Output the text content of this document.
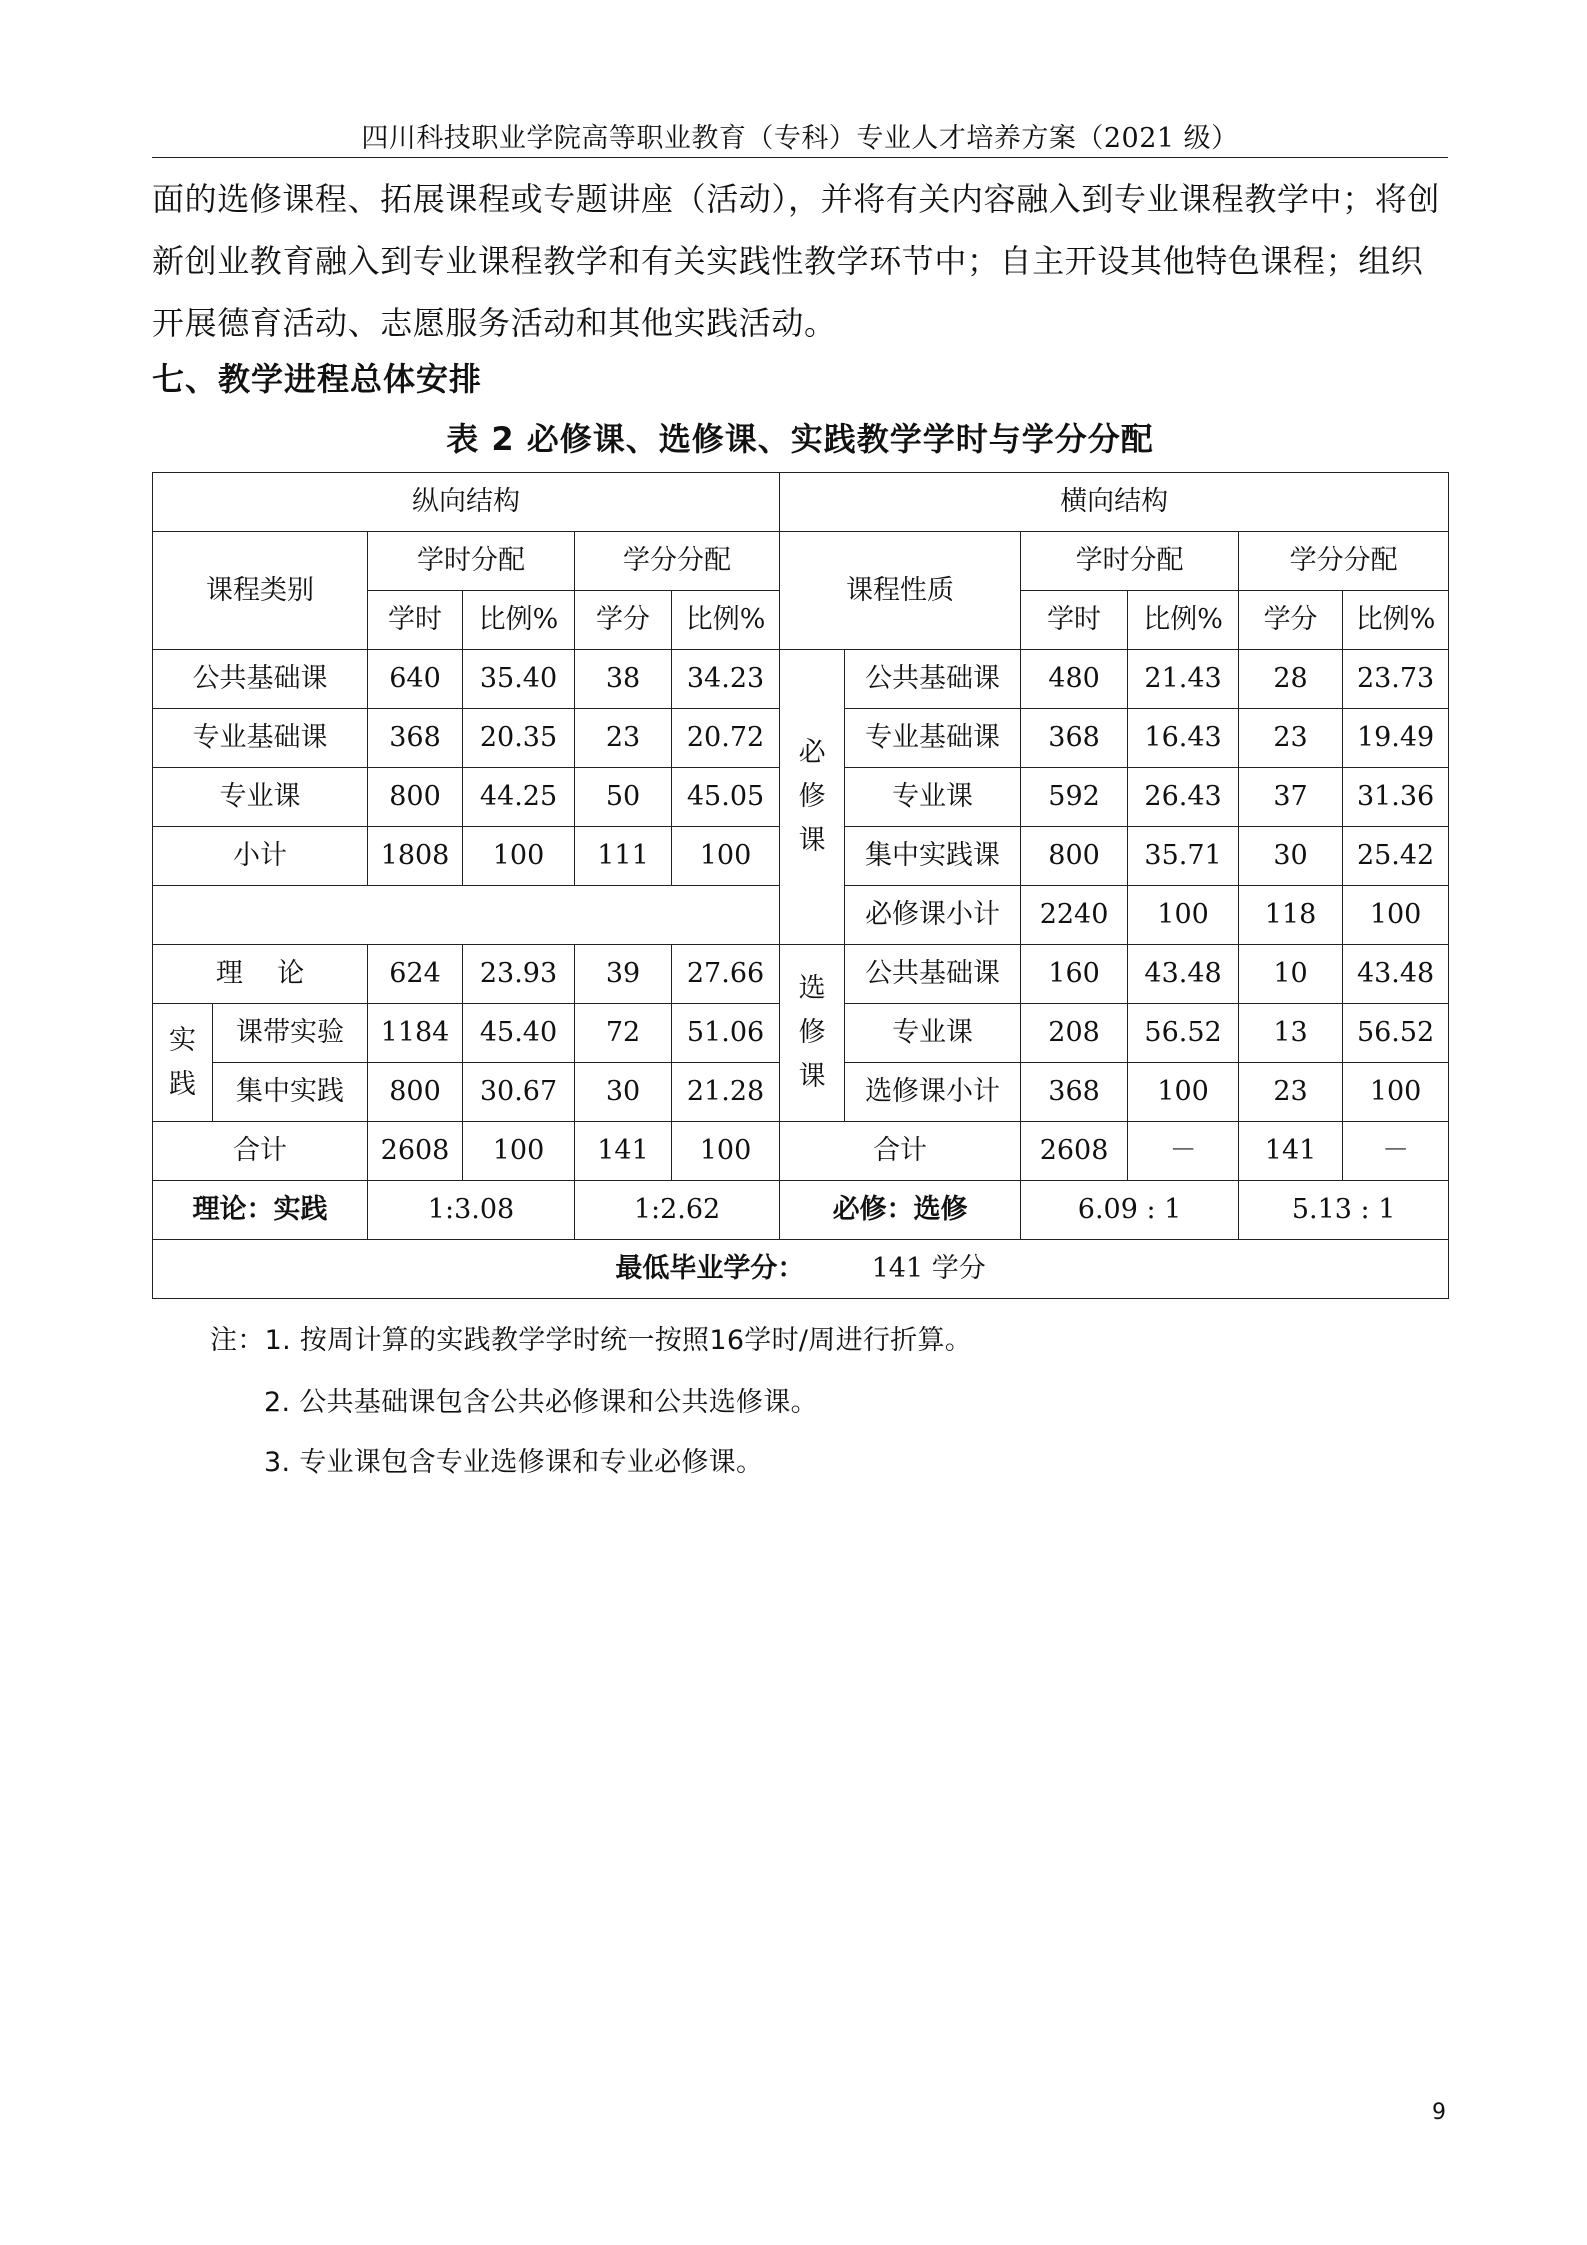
四川科技职业学院高等职业教育（专科）专业人才培养方案（2021 级）

面的选修课程、拓展课程或专题讲座（活动），并将有关内容融入到专业课程教学中；将创新创业教育融入到专业课程教学和有关实践性教学环节中；自主开设其他特色课程；组织开展德育活动、志愿服务活动和其他实践活动。

七、教学进程总体安排
表 2 必修课、选修课、实践教学学时与学分分配
纵向结构						横向结构					
课程类别		学时分配		学分分配		课程性质		学时分配		学分分配	
		学时	比例%	学分	比例%			学时	比例%	学分	比例%
公共基础课		640	35.40	38	34.23	必修课	公共基础课	480	21.43	28	23.73
专业基础课		368	20.35	23	20.72		专业基础课	368	16.43	23	19.49
专业课		800	44.25	50	45.05		专业课	592	26.43	37	31.36
小计		1808	100	111	100		集中实践课	800	35.71	30	25.42
							必修课小计	2240	100	118	100
理    论		624	23.93	39	27.66	选修课	公共基础课	160	43.48	10	43.48
实践	课带实验	1184	45.40	72	51.06		专业课	208	56.52	13	56.52
	集中实践	800	30.67	30	21.28		选修课小计	368	100	23	100
合计		2608	100	141	100	合计		2608	－	141	－
理论：实践		1:3.08		1:2.62		必修：选修		6.09 : 1		5.13 : 1	
最低毕业学分： 141 学分											
注：1. 按周计算的实践教学学时统一按照16学时/周进行折算。
2. 公共基础课包含公共必修课和公共选修课。
3. 专业课包含专业选修课和专业必修课。
9
